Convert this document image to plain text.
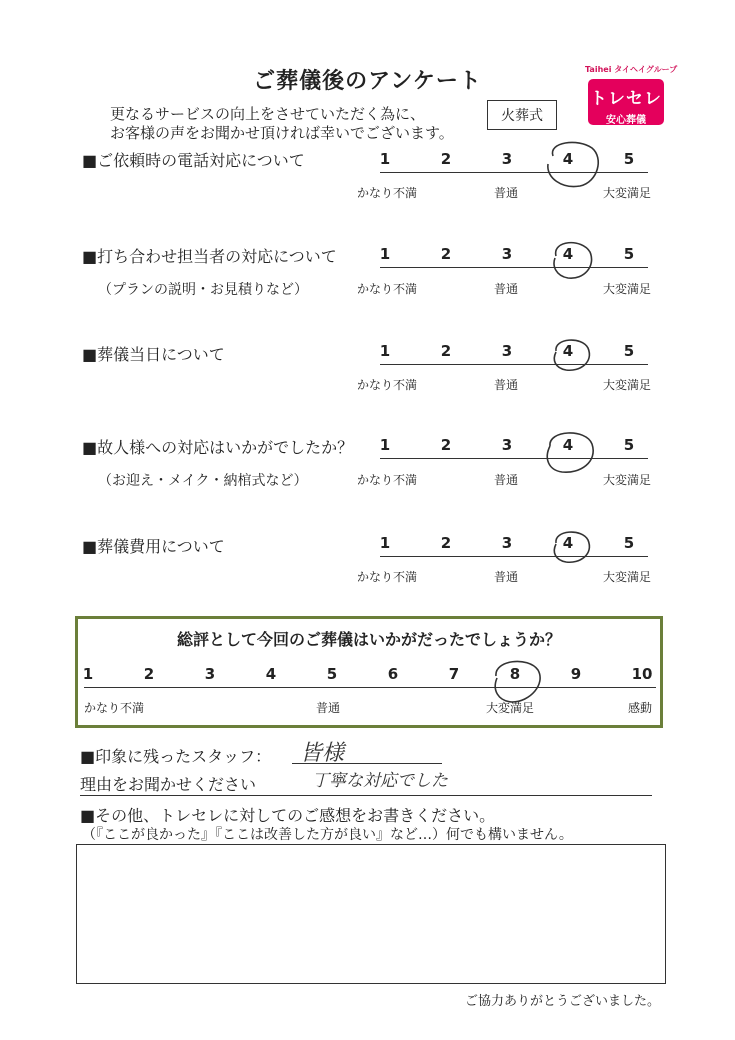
ご葬儀後のアンケート
更なるサービスの向上をさせていただく為に、
お客様の声をお聞かせ頂ければ幸いでございます。
火葬式
Taihei タイヘイグループ
トレセレ
安心葬儀
■ご依頼時の電話対応について	1	2	3	4	5
かなり不満	普通	大変満足
■打ち合わせ担当者の対応について
（プランの説明・お見積りなど）
1	2	3	4	5
かなり不満	普通	大変満足
■葬儀当日について	1	2	3	4	5
かなり不満	普通	大変満足
■故人様への対応はいかがでしたか？
（お迎え・メイク・納棺式など）
1	2	3	4	5
かなり不満	普通	大変満足
■葬儀費用について	1	2	3	4	5
かなり不満	普通	大変満足
総評として今回のご葬儀はいかがだったでしょうか？
1	2	3	4	5	6	7	8	9	10
かなり不満	普通	大変満足	感動
■印象に残ったスタッフ： 皆様
理由をお聞かせください	丁寧な対応でした
■その他、トレセレに対してのご感想をお書きください。
（『ここが良かった』『ここは改善した方が良い』など…）何でも構いません。
ご協力ありがとうございました。
